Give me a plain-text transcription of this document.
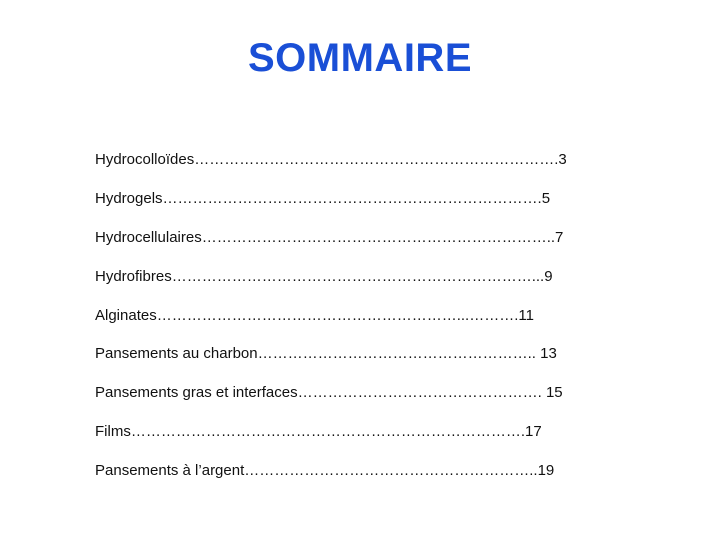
SOMMAIRE
Hydrocolloïdes……………………………………………………………….3
Hydrogels………………………………………………………………….5
Hydrocellulaires……………………………………………………………..7
Hydrofibres………………………………………………………………...9
Alginates……………………………………………………...……….11
Pansements au charbon……………………………………………….. 13
Pansements gras et interfaces…………………………………………. 15
Films…………………………………………………………………….17
Pansements à l’argent…………………………………………………..19
